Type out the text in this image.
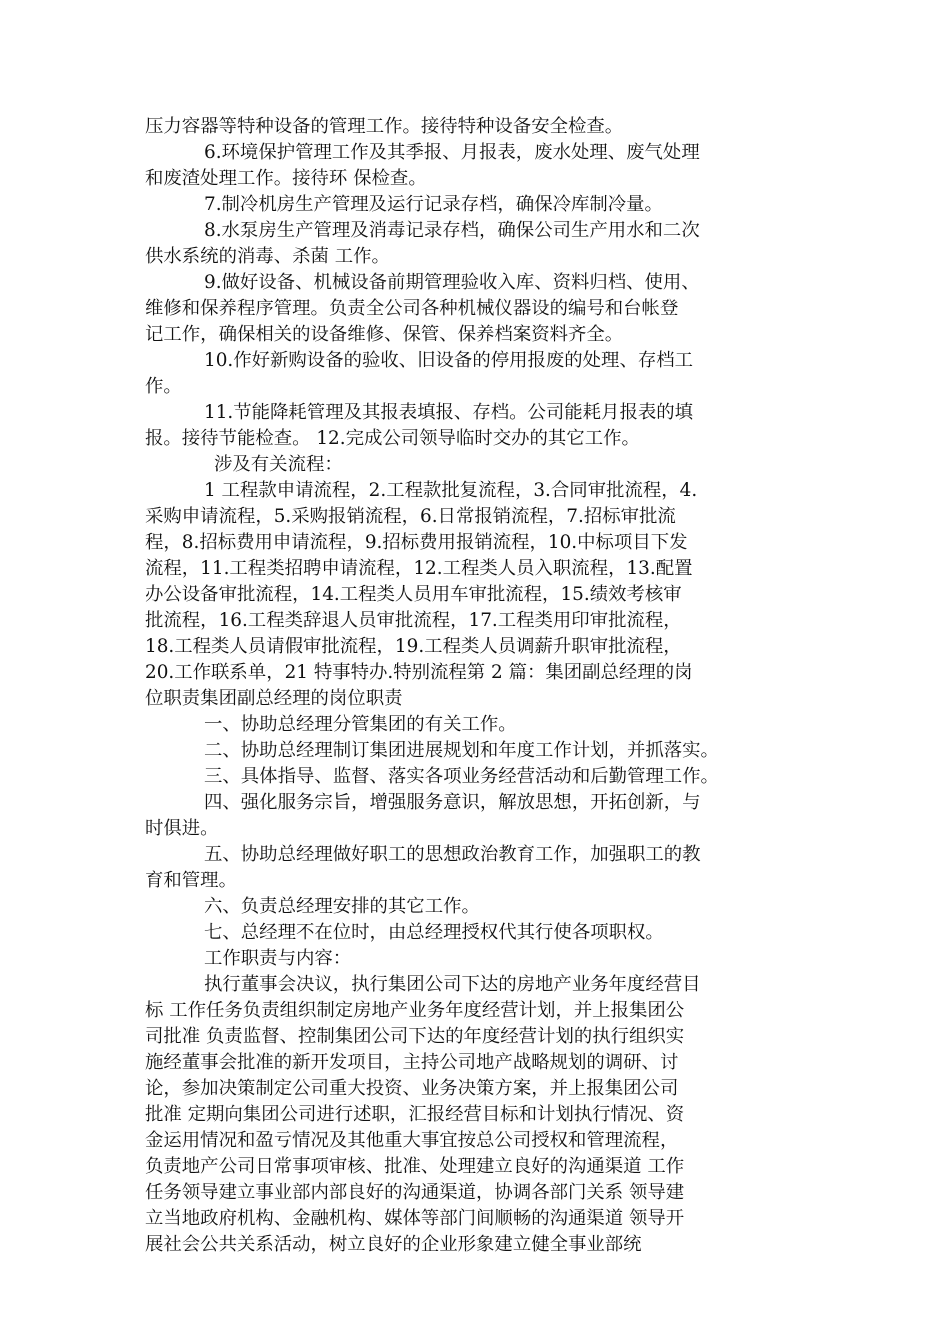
压力容器等特种设备的管理工作。接待特种设备安全检查。
6.环境保护管理工作及其季报、月报表，废水处理、废气处理
和废渣处理工作。接待环 保检查。
7.制冷机房生产管理及运行记录存档，确保冷库制冷量。
8.水泵房生产管理及消毒记录存档，确保公司生产用水和二次
供水系统的消毒、杀菌 工作。
9.做好设备、机械设备前期管理验收入库、资料归档、使用、
维修和保养程序管理。负责全公司各种机械仪器设的编号和台帐登
记工作，确保相关的设备维修、保管、保养档案资料齐全。
10.作好新购设备的验收、旧设备的停用报废的处理、存档工
作。
11.节能降耗管理及其报表填报、存档。公司能耗月报表的填
报。接待节能检查。 12.完成公司领导临时交办的其它工作。
涉及有关流程：
1 工程款申请流程，2.工程款批复流程，3.合同审批流程，4.
采购申请流程，5.采购报销流程，6.日常报销流程，7.招标审批流
程，8.招标费用申请流程，9.招标费用报销流程，10.中标项目下发
流程，11.工程类招聘申请流程，12.工程类人员入职流程，13.配置
办公设备审批流程，14.工程类人员用车审批流程，15.绩效考核审
批流程，16.工程类辞退人员审批流程，17.工程类用印审批流程，
18.工程类人员请假审批流程，19.工程类人员调薪升职审批流程，
20.工作联系单，21 特事特办.特别流程第 2 篇：集团副总经理的岗
位职责集团副总经理的岗位职责
一、协助总经理分管集团的有关工作。
二、协助总经理制订集团进展规划和年度工作计划，并抓落实。
三、具体指导、监督、落实各项业务经营活动和后勤管理工作。
四、强化服务宗旨，增强服务意识，解放思想，开拓创新，与
时俱进。
五、协助总经理做好职工的思想政治教育工作，加强职工的教
育和管理。
六、负责总经理安排的其它工作。
七、总经理不在位时，由总经理授权代其行使各项职权。
工作职责与内容：
执行董事会决议，执行集团公司下达的房地产业务年度经营目
标 工作任务负责组织制定房地产业务年度经营计划，并上报集团公
司批准 负责监督、控制集团公司下达的年度经营计划的执行组织实
施经董事会批准的新开发项目，主持公司地产战略规划的调研、讨
论，参加决策制定公司重大投资、业务决策方案，并上报集团公司
批准 定期向集团公司进行述职，汇报经营目标和计划执行情况、资
金运用情况和盈亏情况及其他重大事宜按总公司授权和管理流程，
负责地产公司日常事项审核、批准、处理建立良好的沟通渠道 工作
任务领导建立事业部内部良好的沟通渠道，协调各部门关系 领导建
立当地政府机构、金融机构、媒体等部门间顺畅的沟通渠道 领导开
展社会公共关系活动，树立良好的企业形象建立健全事业部统
